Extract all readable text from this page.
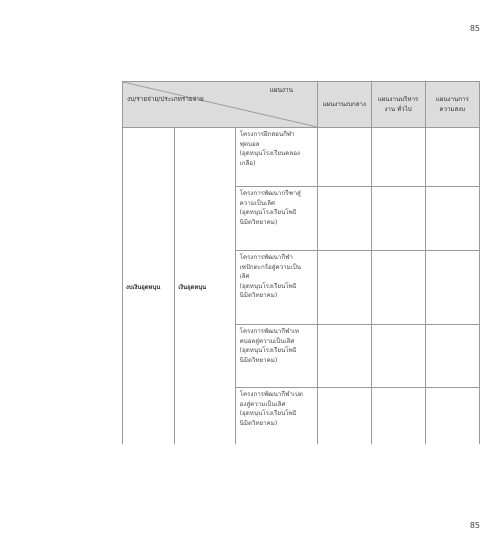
85
แผนงาน
งบ/รายจ่าย/ประเภทรายจ่าย			แผนงานงบกลาง	แผนงานบริหารงาน ทั่วไป	แผนงานการ ความสงบ
งบเงินอุดหนุน	เงินอุดหนุน	โครงการฝึกสอนกีฬา
ฟุตบอล
(อุดหนุนโรงเรียนคลอง
เกลือ)			

		โครงการพัฒนากรีฑาสู่
ความเป็นเลิศ
(อุดหนุนโรงเรียนโพธิ
นิมิตวิทยาคม)			

		โครงการพัฒนากีฬา
เซปักตะกร้อสู่ความเป็น
เลิศ
(อุดหนุนโรงเรียนโพธิ
นิมิตวิทยาคม)			

		โครงการพัฒนากีฬาเท
คบอลสู่ความเป็นเลิศ
(อุดหนุนโรงเรียนโพธิ
นิมิตวิทยาคม)			

		โครงการพัฒนากีฬาเปต
องสู่ความเป็นเลิศ
(อุดหนุนโรงเรียนโพธิ
นิมิตวิทยาคม)			

85
